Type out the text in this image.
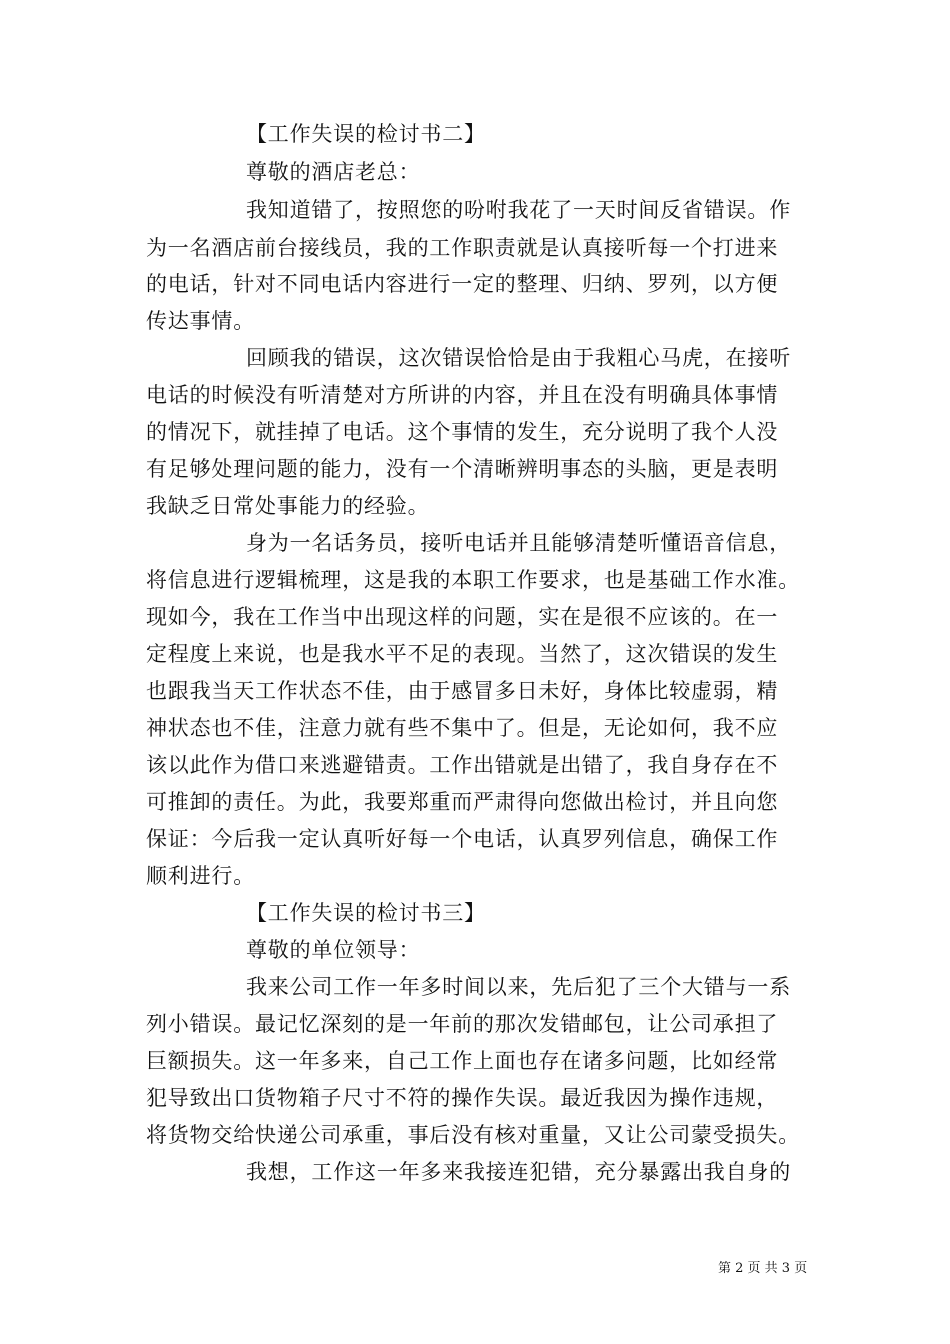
【工作失误的检讨书二】
尊敬的酒店老总：
我知道错了，按照您的吩咐我花了一天时间反省错误。作
为一名酒店前台接线员，我的工作职责就是认真接听每一个打进来
的电话，针对不同电话内容进行一定的整理、归纳、罗列，以方便
传达事情。
回顾我的错误，这次错误恰恰是由于我粗心马虎，在接听
电话的时候没有听清楚对方所讲的内容，并且在没有明确具体事情
的情况下，就挂掉了电话。这个事情的发生，充分说明了我个人没
有足够处理问题的能力，没有一个清晰辨明事态的头脑，更是表明
我缺乏日常处事能力的经验。
身为一名话务员，接听电话并且能够清楚听懂语音信息，
将信息进行逻辑梳理，这是我的本职工作要求，也是基础工作水准。
现如今，我在工作当中出现这样的问题，实在是很不应该的。在一
定程度上来说，也是我水平不足的表现。当然了，这次错误的发生
也跟我当天工作状态不佳，由于感冒多日未好，身体比较虚弱，精
神状态也不佳，注意力就有些不集中了。但是，无论如何，我不应
该以此作为借口来逃避错责。工作出错就是出错了，我自身存在不
可推卸的责任。为此，我要郑重而严肃得向您做出检讨，并且向您
保证：今后我一定认真听好每一个电话，认真罗列信息，确保工作
顺利进行。
【工作失误的检讨书三】
尊敬的单位领导：
我来公司工作一年多时间以来，先后犯了三个大错与一系
列小错误。最记忆深刻的是一年前的那次发错邮包，让公司承担了
巨额损失。这一年多来，自己工作上面也存在诸多问题，比如经常
犯导致出口货物箱子尺寸不符的操作失误。最近我因为操作违规，
将货物交给快递公司承重，事后没有核对重量，又让公司蒙受损失。
我想，工作这一年多来我接连犯错，充分暴露出我自身的
第 2 页 共 3 页
